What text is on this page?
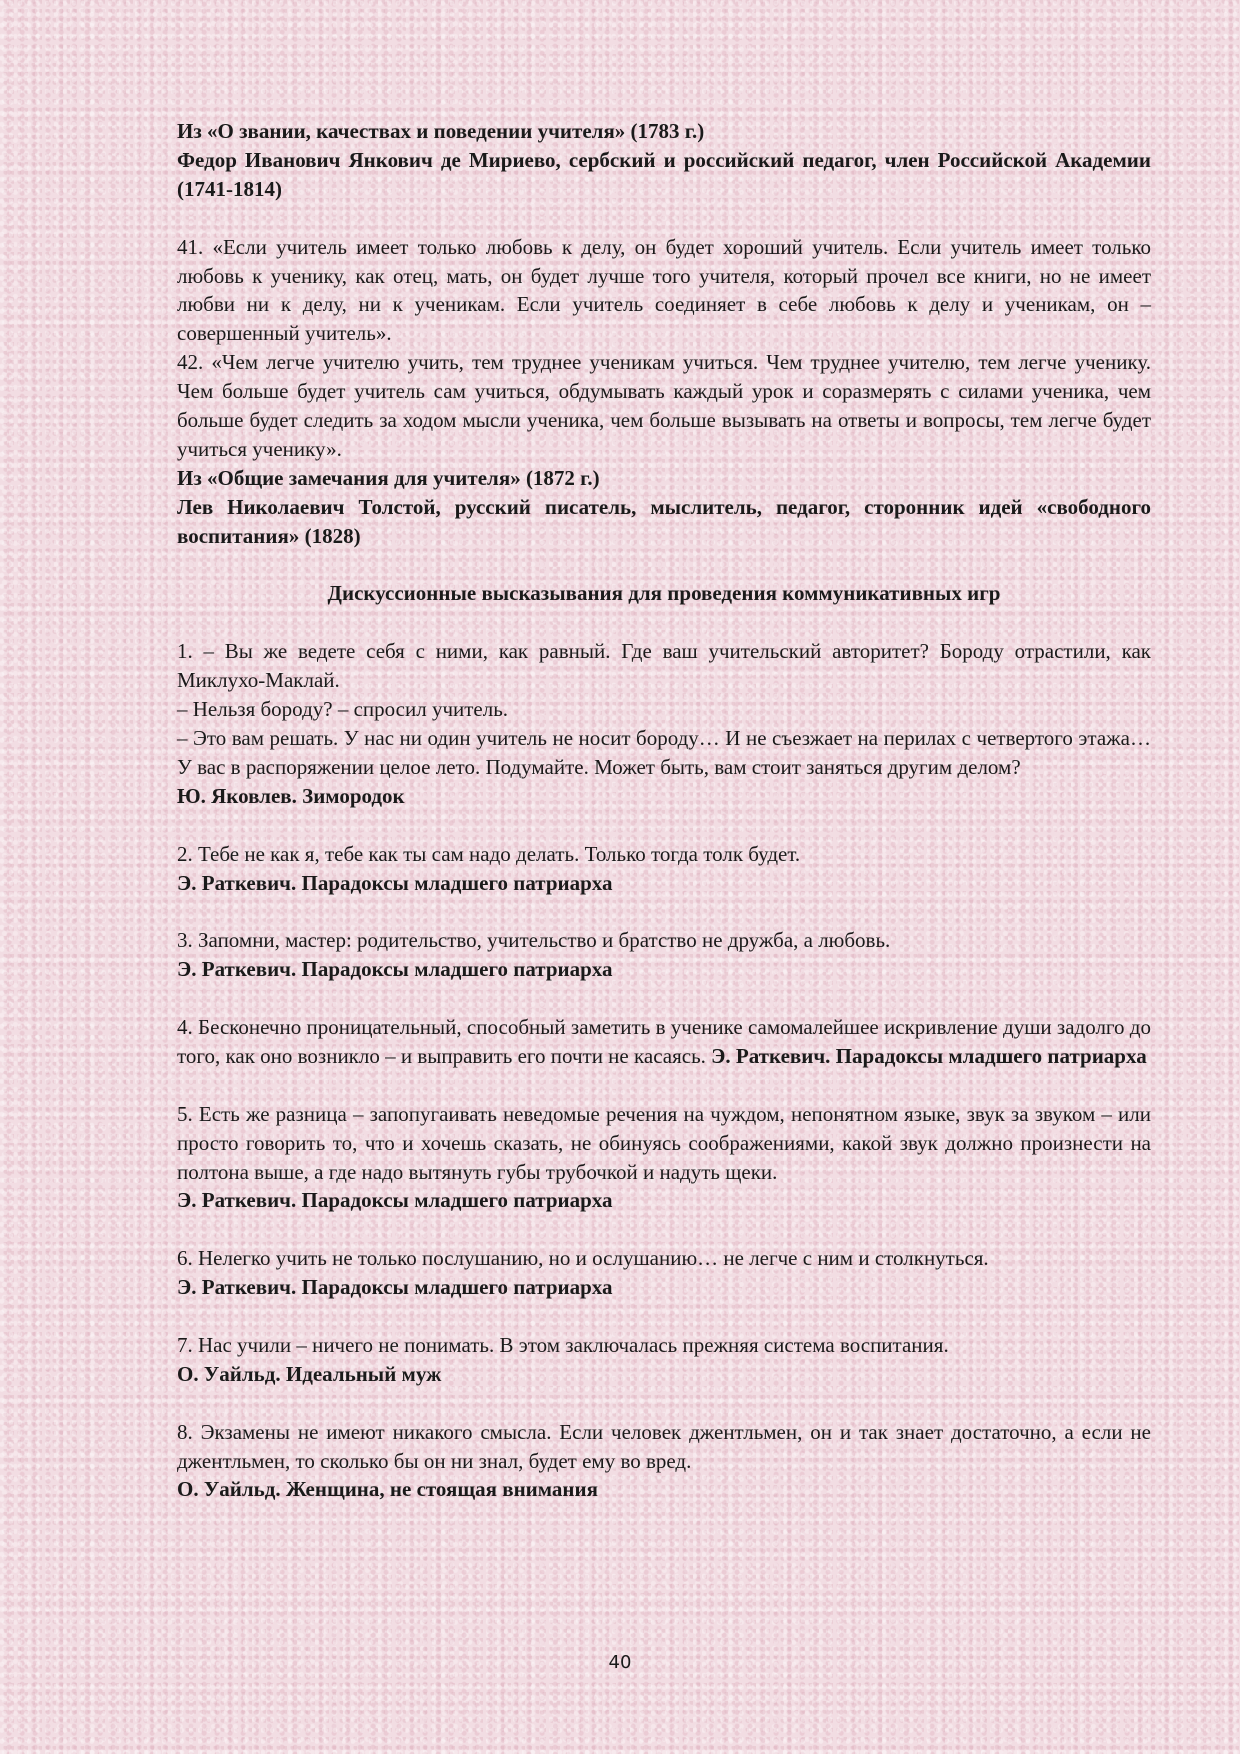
Из «О звании, качествах и поведении учителя» (1783 г.)

Федор Иванович Янкович де Мириево, сербский и российский педагог, член Российской Академии (1741-1814)

41. «Если учитель имеет только любовь к делу, он будет хороший учитель. Если учитель имеет только любовь к ученику, как отец, мать, он будет лучше того учителя, который прочел все книги, но не имеет любви ни к делу, ни к ученикам. Если учитель соединяет в себе любовь к делу и ученикам, он – совершенный учитель».

42. «Чем легче учителю учить, тем труднее ученикам учиться. Чем труднее учителю, тем легче ученику. Чем больше будет учитель сам учиться, обдумывать каждый урок и соразмерять с силами ученика, чем больше будет следить за ходом мысли ученика, чем больше вызывать на ответы и вопросы, тем легче будет учиться ученику».

Из «Общие замечания для учителя» (1872 г.)

Лев Николаевич Толстой, русский писатель, мыслитель, педагог, сторонник идей «свободного воспитания» (1828)

Дискуссионные высказывания для проведения коммуникативных игр

1. – Вы же ведете себя с ними, как равный. Где ваш учительский авторитет? Бороду отрастили, как Миклухо-Маклай.

– Нельзя бороду? – спросил учитель.

– Это вам решать. У нас ни один учитель не носит бороду… И не съезжает на перилах с четвертого этажа… У вас в распоряжении целое лето. Подумайте. Может быть, вам стоит заняться другим делом?

Ю. Яковлев. Зимородок

2. Тебе не как я, тебе как ты сам надо делать. Только тогда толк будет.

Э. Раткевич. Парадоксы младшего патриарха

3. Запомни, мастер: родительство, учительство и братство не дружба, а любовь.

Э. Раткевич. Парадоксы младшего патриарха

4. Бесконечно проницательный, способный заметить в ученике самомалейшее искривление души задолго до того, как оно возникло – и выправить его почти не касаясь. Э. Раткевич. Парадоксы младшего патриарха

5. Есть же разница – запопугаивать неведомые речения на чуждом, непонятном языке, звук за звуком – или просто говорить то, что и хочешь сказать, не обинуясь соображениями, какой звук должно произнести на полтона выше, а где надо вытянуть губы трубочкой и надуть щеки.

Э. Раткевич. Парадоксы младшего патриарха

6. Нелегко учить не только послушанию, но и ослушанию… не легче с ним и столкнуться.

Э. Раткевич. Парадоксы младшего патриарха

7. Нас учили – ничего не понимать. В этом заключалась прежняя система воспитания.

О. Уайльд. Идеальный муж

8. Экзамены не имеют никакого смысла. Если человек джентльмен, он и так знает достаточно, а если не джентльмен, то сколько бы он ни знал, будет ему во вред.

О. Уайльд. Женщина, не стоящая внимания

40
